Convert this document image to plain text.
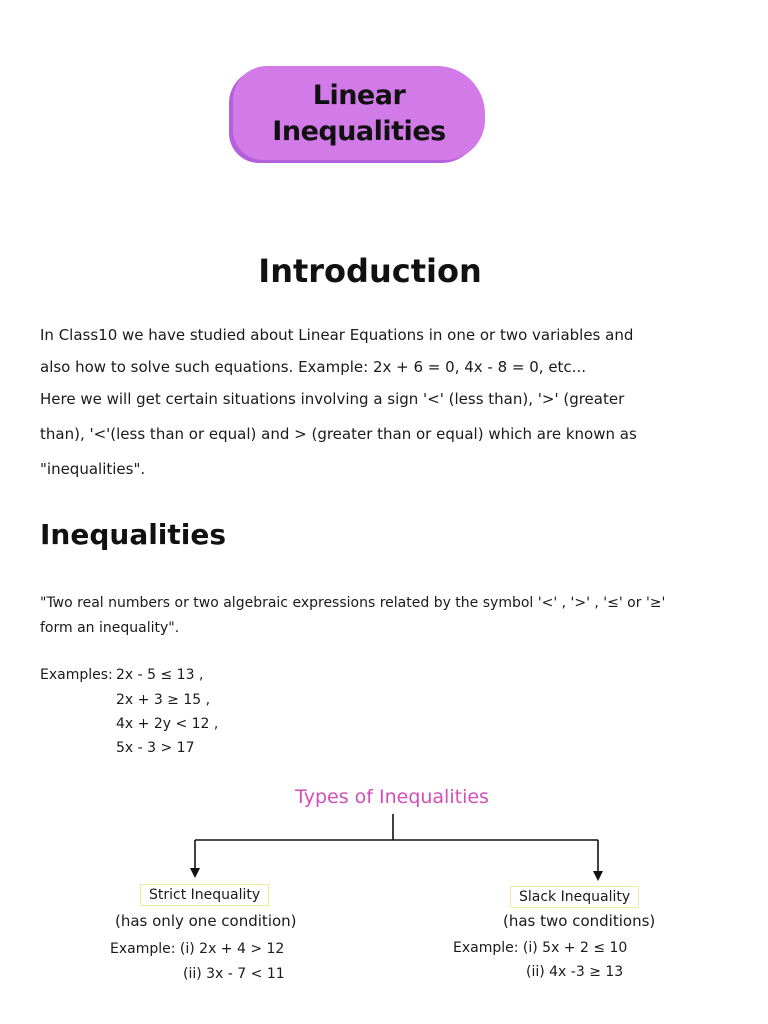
Linear
Inequalities
Introduction
In Class10 we have studied about Linear Equations in one or two variables and
also how to solve such equations. Example: 2x + 6 = 0, 4x - 8 = 0, etc...
Here we will get certain situations involving a sign '<' (less than), '>' (greater
than), '<'(less than or equal) and > (greater than or equal) which are known as
"inequalities".
Inequalities
"Two real numbers or two algebraic expressions related by the symbol '<' , '>' , '≤' or '≥'
form an inequality".
Examples: 2x - 5 ≤ 13 ,
2x + 3 ≥ 15 ,
4x + 2y < 12 ,
5x - 3 > 17
Types of Inequalities
Strict Inequality
(has only one condition)
Example: (i) 2x + 4 > 12
(ii) 3x - 7 < 11
Slack Inequality
(has two conditions)
Example: (i) 5x + 2 ≤ 10
(ii) 4x -3 ≥ 13
